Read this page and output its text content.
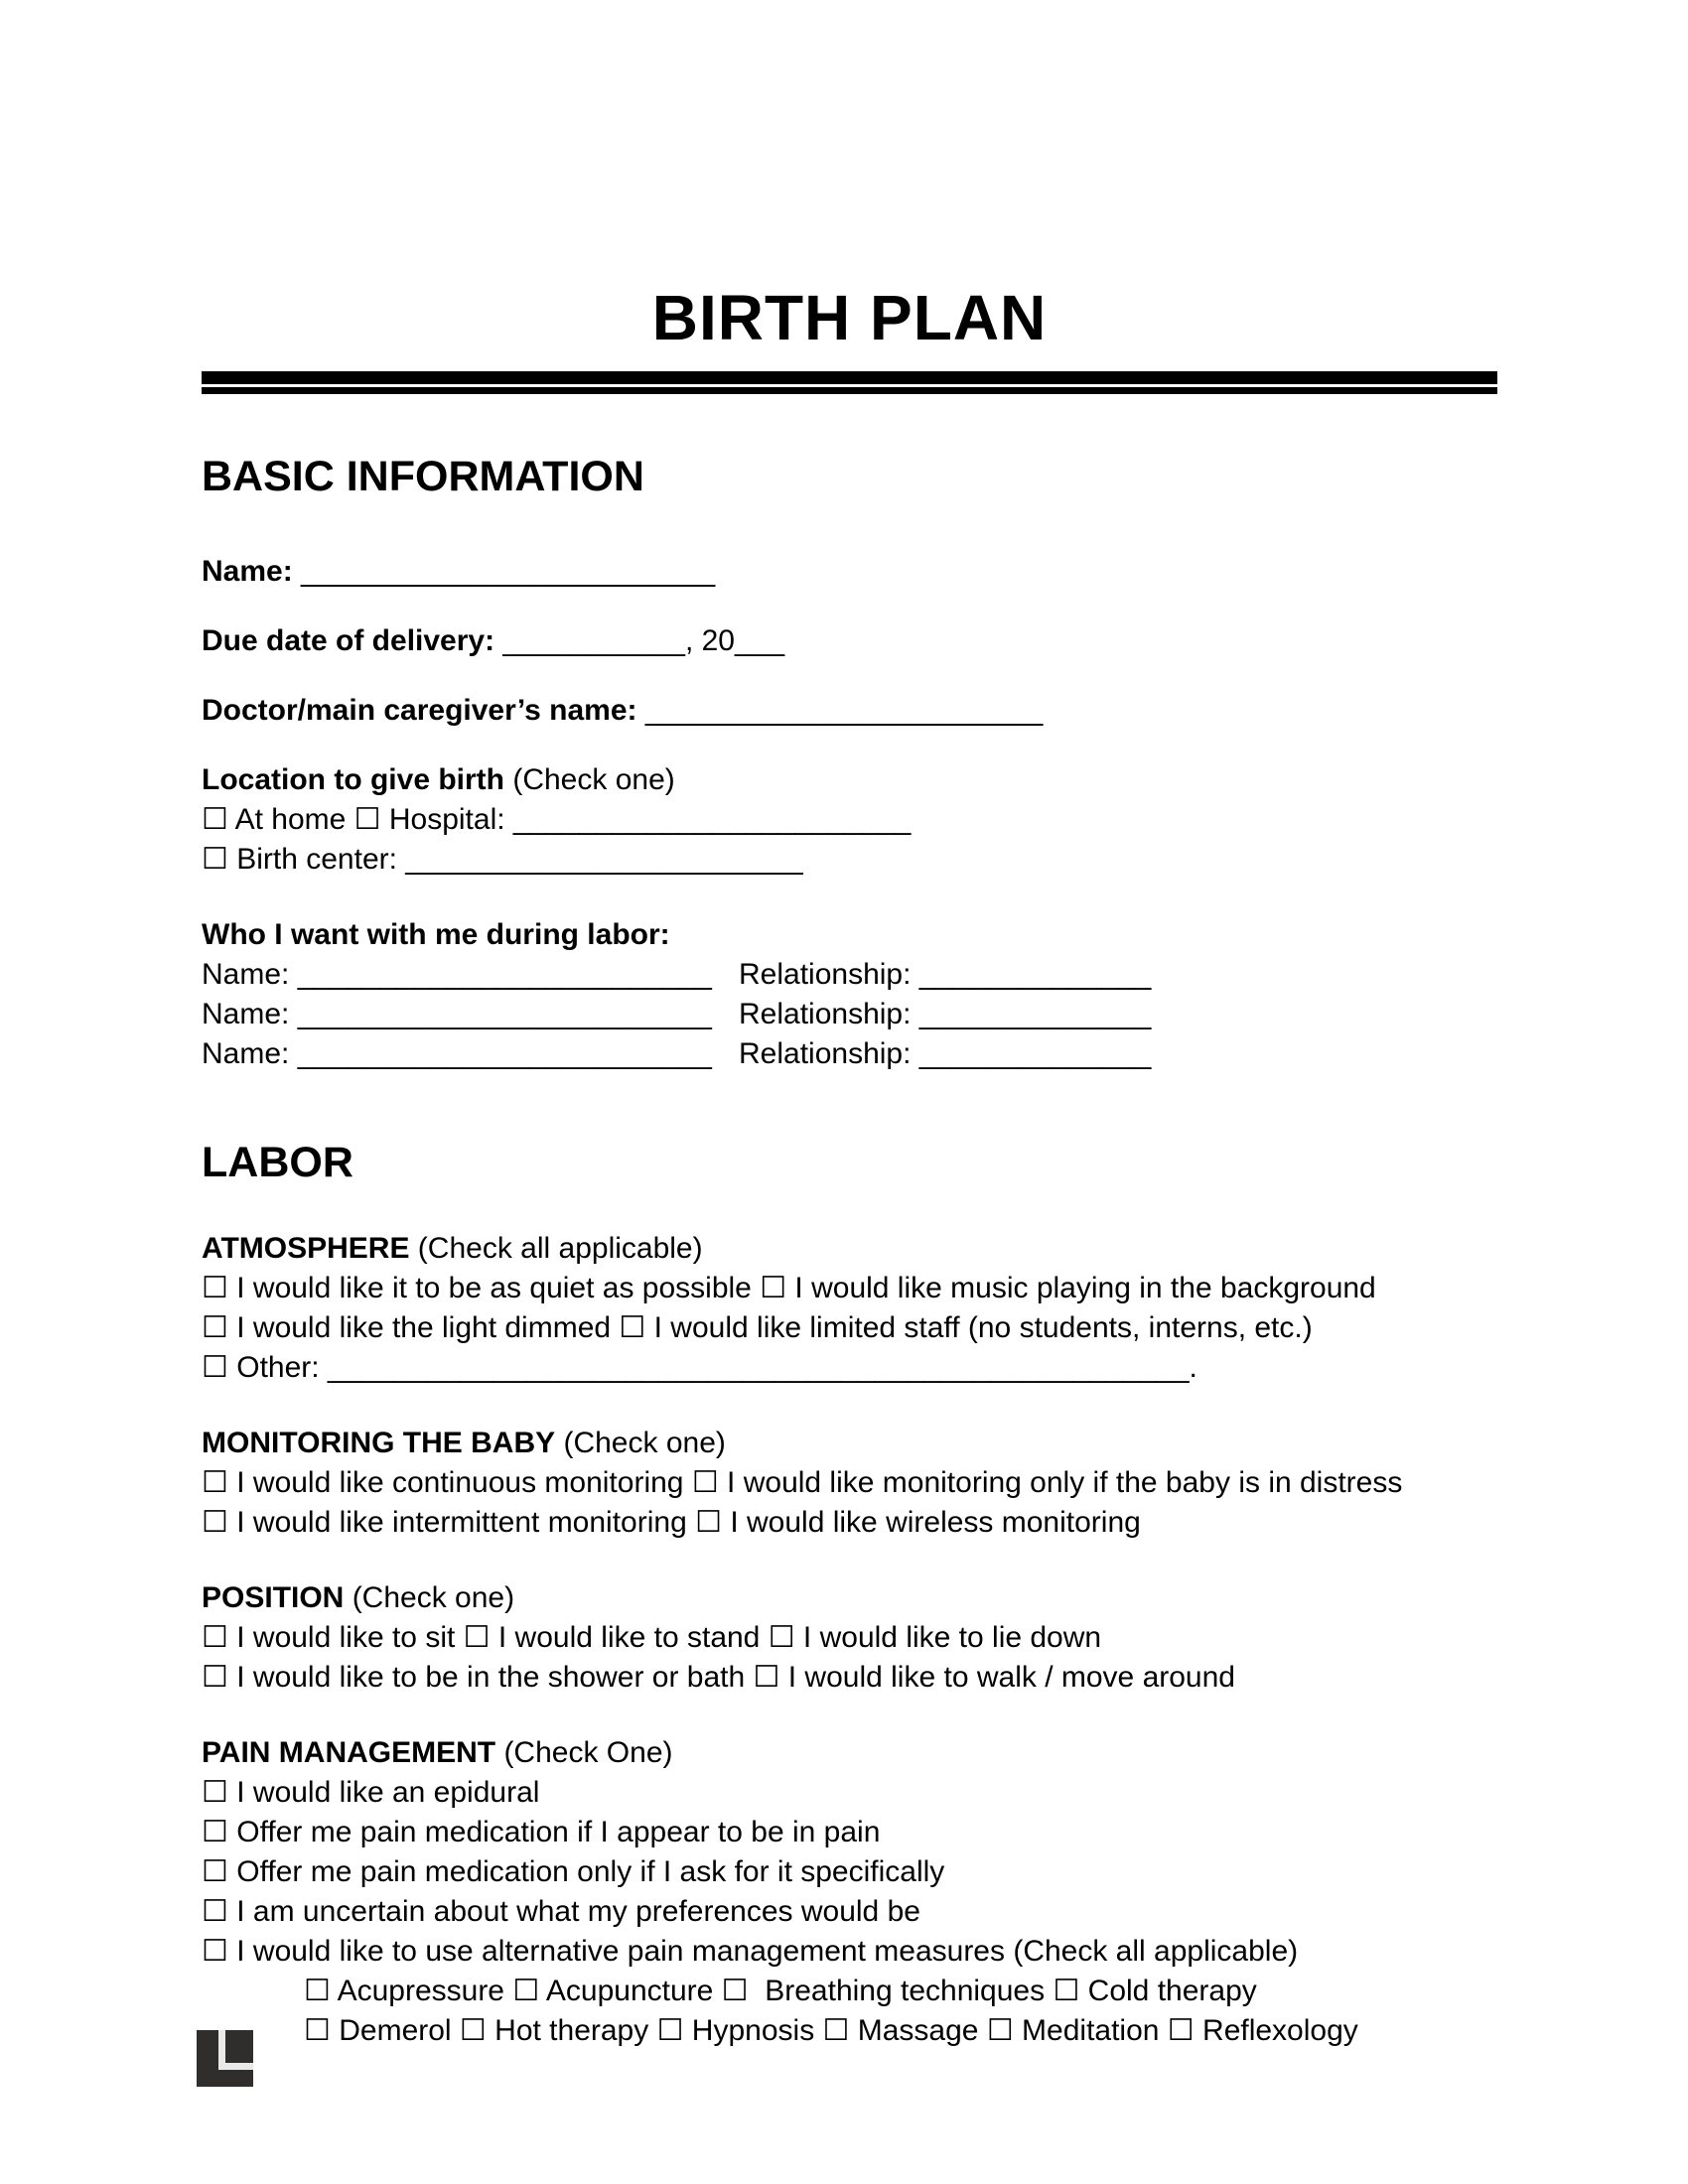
BIRTH PLAN
BASIC INFORMATION
Name: _________________________
Due date of delivery: ___________, 20___
Doctor/main caregiver’s name: ________________________
Location to give birth (Check one)
☐ At home ☐ Hospital: ________________________
☐ Birth center: ________________________
Who I want with me during labor:
Name: _________________________ Relationship: ______________
Name: _________________________ Relationship: ______________
Name: _________________________ Relationship: ______________
LABOR
ATMOSPHERE (Check all applicable)
☐ I would like it to be as quiet as possible ☐ I would like music playing in the background
☐ I would like the light dimmed ☐ I would like limited staff (no students, interns, etc.)
☐ Other: ____________________________________________________.
MONITORING THE BABY (Check one)
☐ I would like continuous monitoring ☐ I would like monitoring only if the baby is in distress
☐ I would like intermittent monitoring ☐ I would like wireless monitoring
POSITION (Check one)
☐ I would like to sit ☐ I would like to stand ☐ I would like to lie down
☐ I would like to be in the shower or bath ☐ I would like to walk / move around
PAIN MANAGEMENT (Check One)
☐ I would like an epidural
☐ Offer me pain medication if I appear to be in pain
☐ Offer me pain medication only if I ask for it specifically
☐ I am uncertain about what my preferences would be
☐ I would like to use alternative pain management measures (Check all applicable)
☐ Acupressure ☐ Acupuncture ☐  Breathing techniques ☐ Cold therapy
☐ Demerol ☐ Hot therapy ☐ Hypnosis ☐ Massage ☐ Meditation ☐ Reflexology
